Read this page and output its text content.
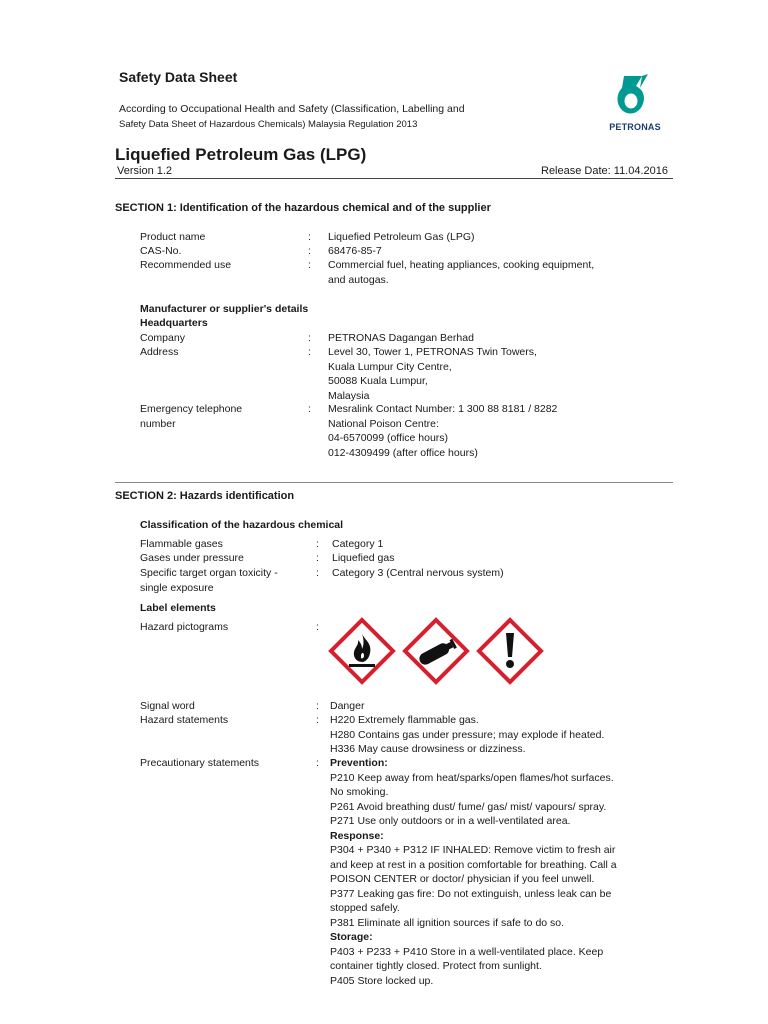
Safety Data Sheet
According to Occupational Health and Safety (Classification, Labelling and
Safety Data Sheet of Hazardous Chemicals) Malaysia Regulation 2013	PETRONAS
Liquefied Petroleum Gas (LPG)
Version 1.2	Release Date: 11.04.2016
SECTION 1: Identification of the hazardous chemical and of the supplier
Product name	:	Liquefied Petroleum Gas (LPG)
CAS-No.	:	68476-85-7
Recommended use	:	Commercial fuel, heating appliances, cooking equipment,
and autogas.
Manufacturer or supplier's details
Headquarters
Company	:	PETRONAS Dagangan Berhad
Address	:	Level 30, Tower 1, PETRONAS Twin Towers,
Kuala Lumpur City Centre,
50088 Kuala Lumpur,
Malaysia
Emergency telephone
number
:	Mesralink Contact Number: 1 300 88 8181 / 8282
National Poison Centre:
04-6570099 (office hours)
012-4309499 (after office hours)
SECTION 2: Hazards identification
Classification of the hazardous chemical
Flammable gases	:	Category 1
Gases under pressure	:	Liquefied gas
Specific target organ toxicity -
single exposure
:	Category 3 (Central nervous system)
Label elements
Hazard pictograms	:
Signal word	:	Danger
Hazard statements	:	H220 Extremely flammable gas.
H280 Contains gas under pressure; may explode if heated.
H336 May cause drowsiness or dizziness.
Precautionary statements	:	Prevention:
P210 Keep away from heat/sparks/open flames/hot surfaces.
No smoking.
P261 Avoid breathing dust/ fume/ gas/ mist/ vapours/ spray.
P271 Use only outdoors or in a well-ventilated area.
Response:
P304 + P340 + P312 IF INHALED: Remove victim to fresh air
and keep at rest in a position comfortable for breathing. Call a
POISON CENTER or doctor/ physician if you feel unwell.
P377 Leaking gas fire: Do not extinguish, unless leak can be
stopped safely.
P381 Eliminate all ignition sources if safe to do so.
Storage:
P403 + P233 + P410 Store in a well-ventilated place. Keep
container tightly closed. Protect from sunlight.
P405 Store locked up.
